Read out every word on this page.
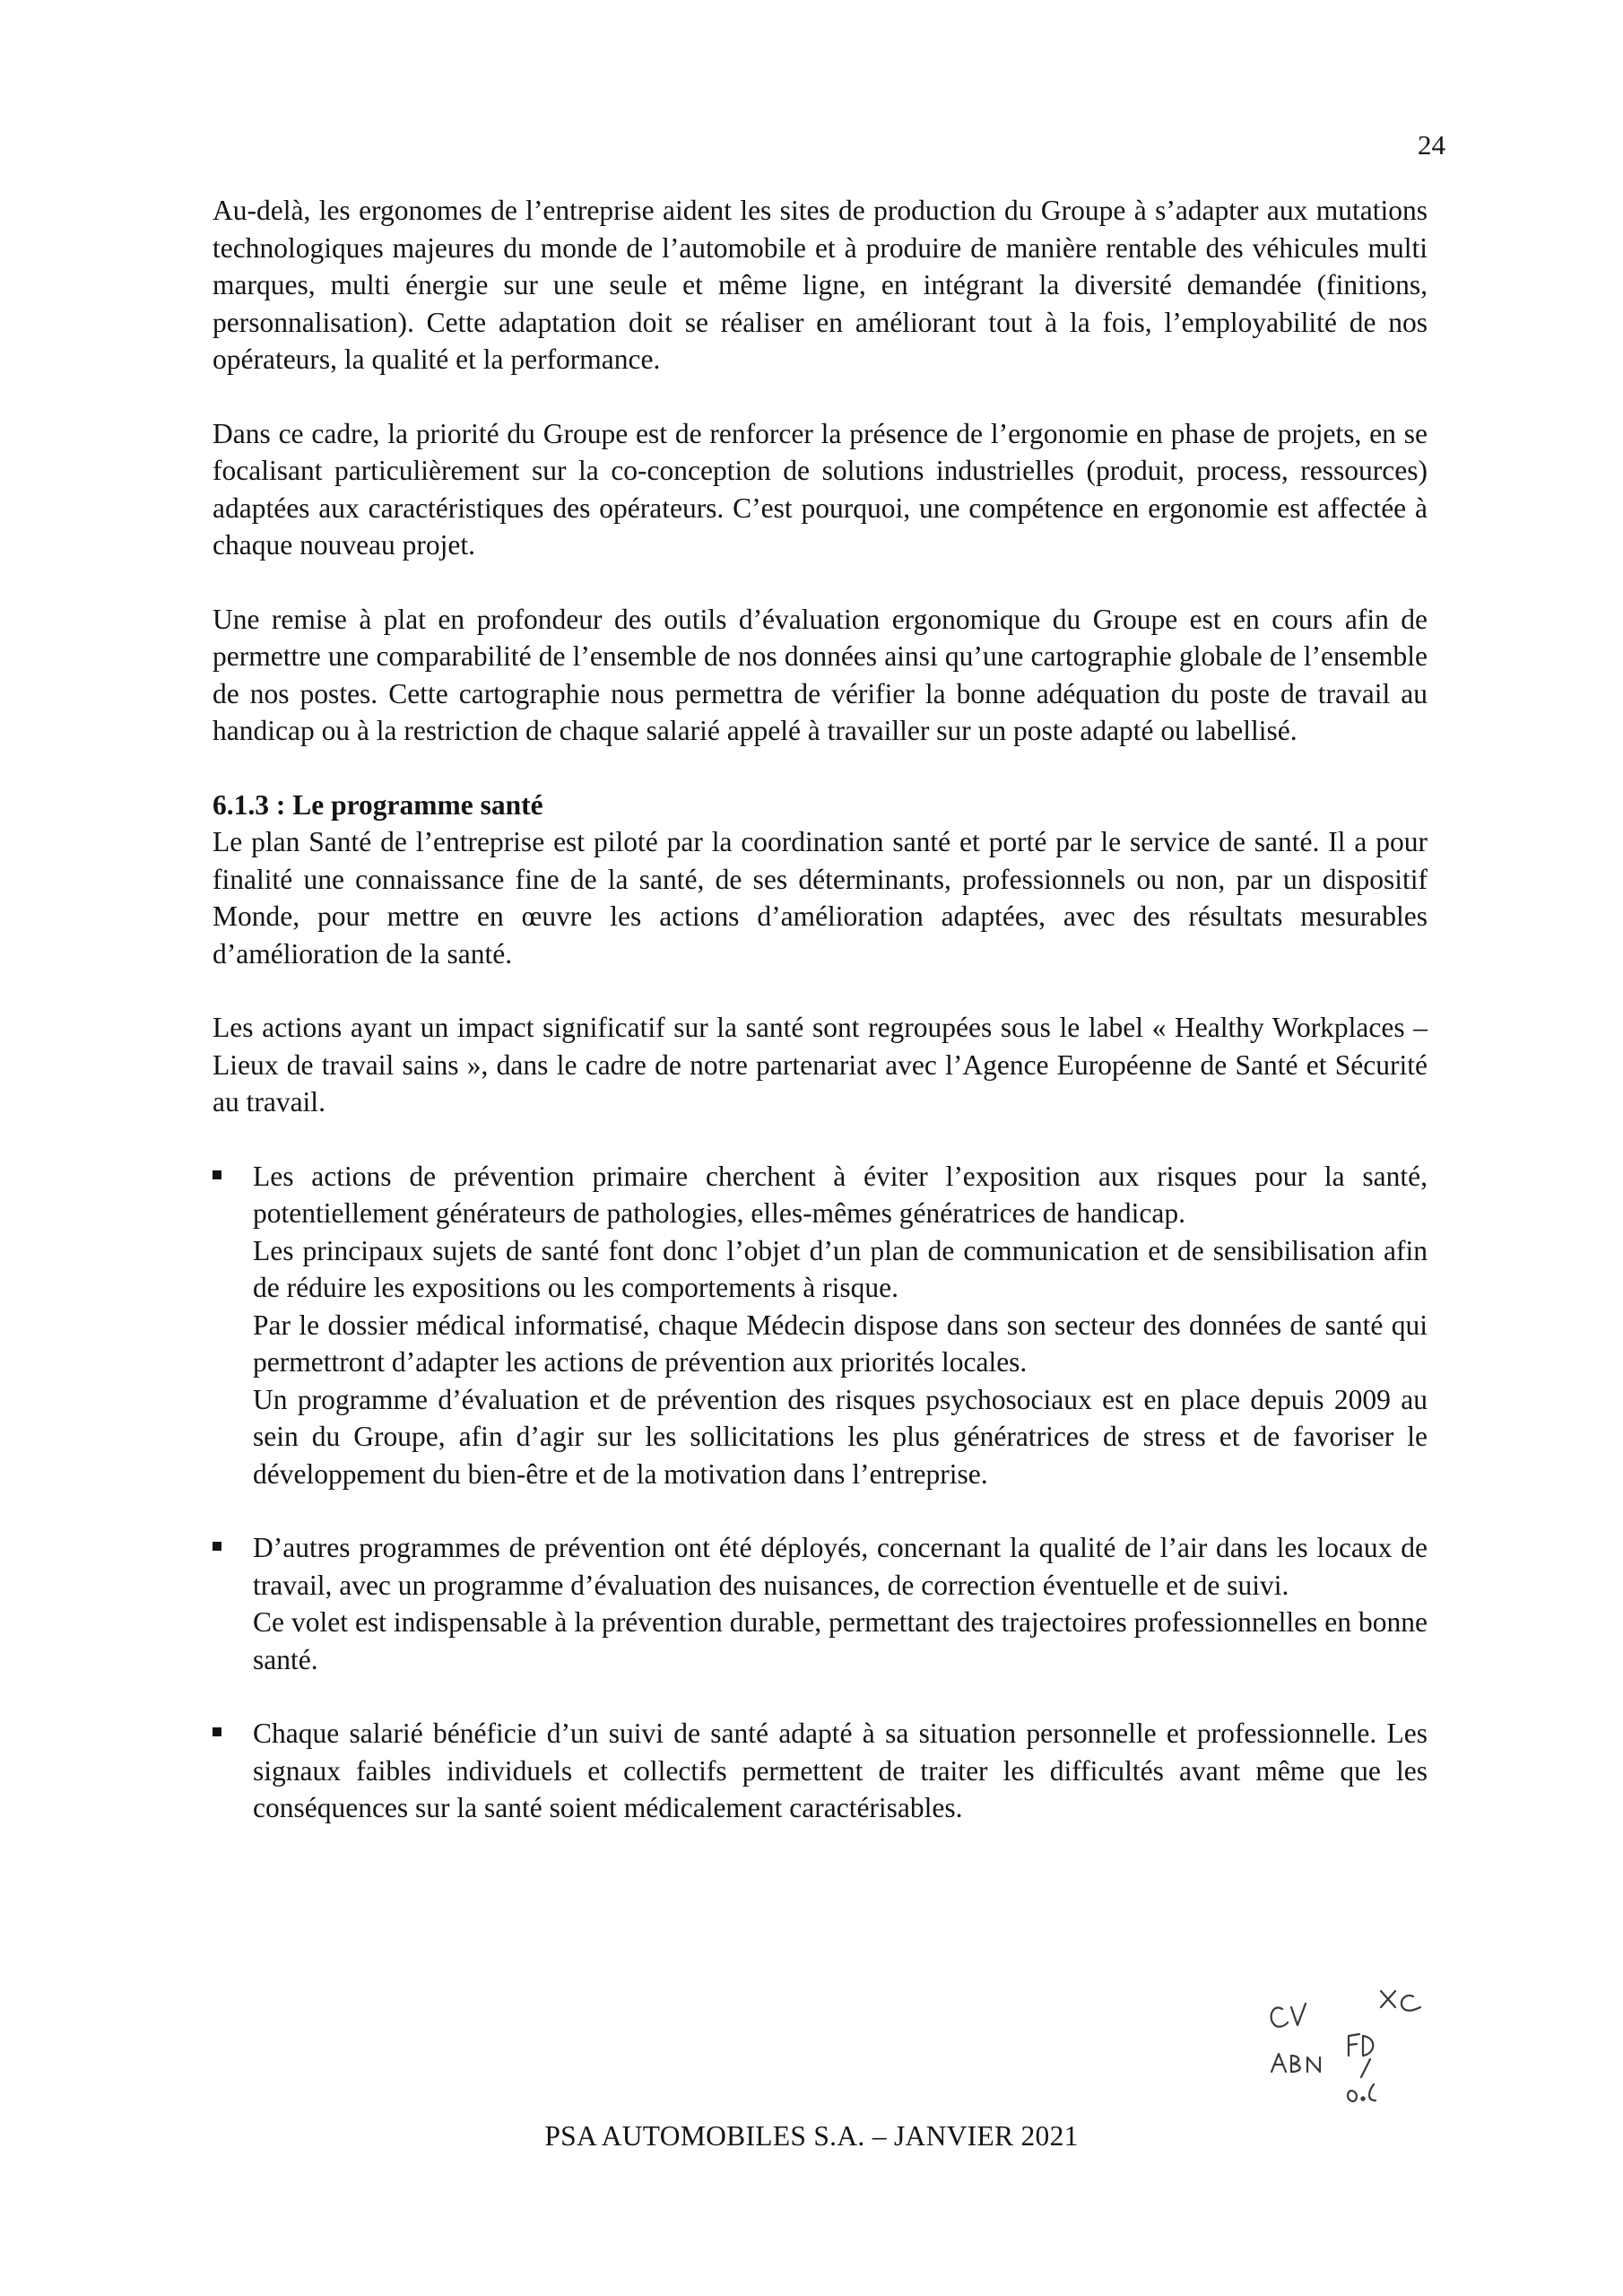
24

Au-delà, les ergonomes de l’entreprise aident les sites de production du Groupe à s’adapter aux mutations technologiques majeures du monde de l’automobile et à produire de manière rentable des véhicules multi marques, multi énergie sur une seule et même ligne, en intégrant la diversité demandée (finitions, personnalisation). Cette adaptation doit se réaliser en améliorant tout à la fois, l’employabilité de nos opérateurs, la qualité et la performance.

Dans ce cadre, la priorité du Groupe est de renforcer la présence de l’ergonomie en phase de projets, en se focalisant particulièrement sur la co-conception de solutions industrielles (produit, process, ressources) adaptées aux caractéristiques des opérateurs. C’est pourquoi, une compétence en ergonomie est affectée à chaque nouveau projet.

Une remise à plat en profondeur des outils d’évaluation ergonomique du Groupe est en cours afin de permettre une comparabilité de l’ensemble de nos données ainsi qu’une cartographie globale de l’ensemble de nos postes. Cette cartographie nous permettra de vérifier la bonne adéquation du poste de travail au handicap ou à la restriction de chaque salarié appelé à travailler sur un poste adapté ou labellisé.

6.1.3 : Le programme santé

Le plan Santé de l’entreprise est piloté par la coordination santé et porté par le service de santé. Il a pour finalité une connaissance fine de la santé, de ses déterminants, professionnels ou non, par un dispositif Monde, pour mettre en œuvre les actions d’amélioration adaptées, avec des résultats mesurables d’amélioration de la santé.

Les actions ayant un impact significatif sur la santé sont regroupées sous le label « Healthy Workplaces – Lieux de travail sains », dans le cadre de notre partenariat avec l’Agence Européenne de Santé et Sécurité au travail.

Les actions de prévention primaire cherchent à éviter l’exposition aux risques pour la santé, potentiellement générateurs de pathologies, elles-mêmes génératrices de handicap.

Les principaux sujets de santé font donc l’objet d’un plan de communication et de sensibilisation afin de réduire les expositions ou les comportements à risque.

Par le dossier médical informatisé, chaque Médecin dispose dans son secteur des données de santé qui permettront d’adapter les actions de prévention aux priorités locales.

Un programme d’évaluation et de prévention des risques psychosociaux est en place depuis 2009 au sein du Groupe, afin d’agir sur les sollicitations les plus génératrices de stress et de favoriser le développement du bien-être et de la motivation dans l’entreprise.

D’autres programmes de prévention ont été déployés, concernant la qualité de l’air dans les locaux de travail, avec un programme d’évaluation des nuisances, de correction éventuelle et de suivi.

Ce volet est indispensable à la prévention durable, permettant des trajectoires professionnelles en bonne santé.

Chaque salarié bénéficie d’un suivi de santé adapté à sa situation personnelle et professionnelle. Les signaux faibles individuels et collectifs permettent de traiter les difficultés avant même que les conséquences sur la santé soient médicalement caractérisables.

PSA AUTOMOBILES S.A. – JANVIER 2021
